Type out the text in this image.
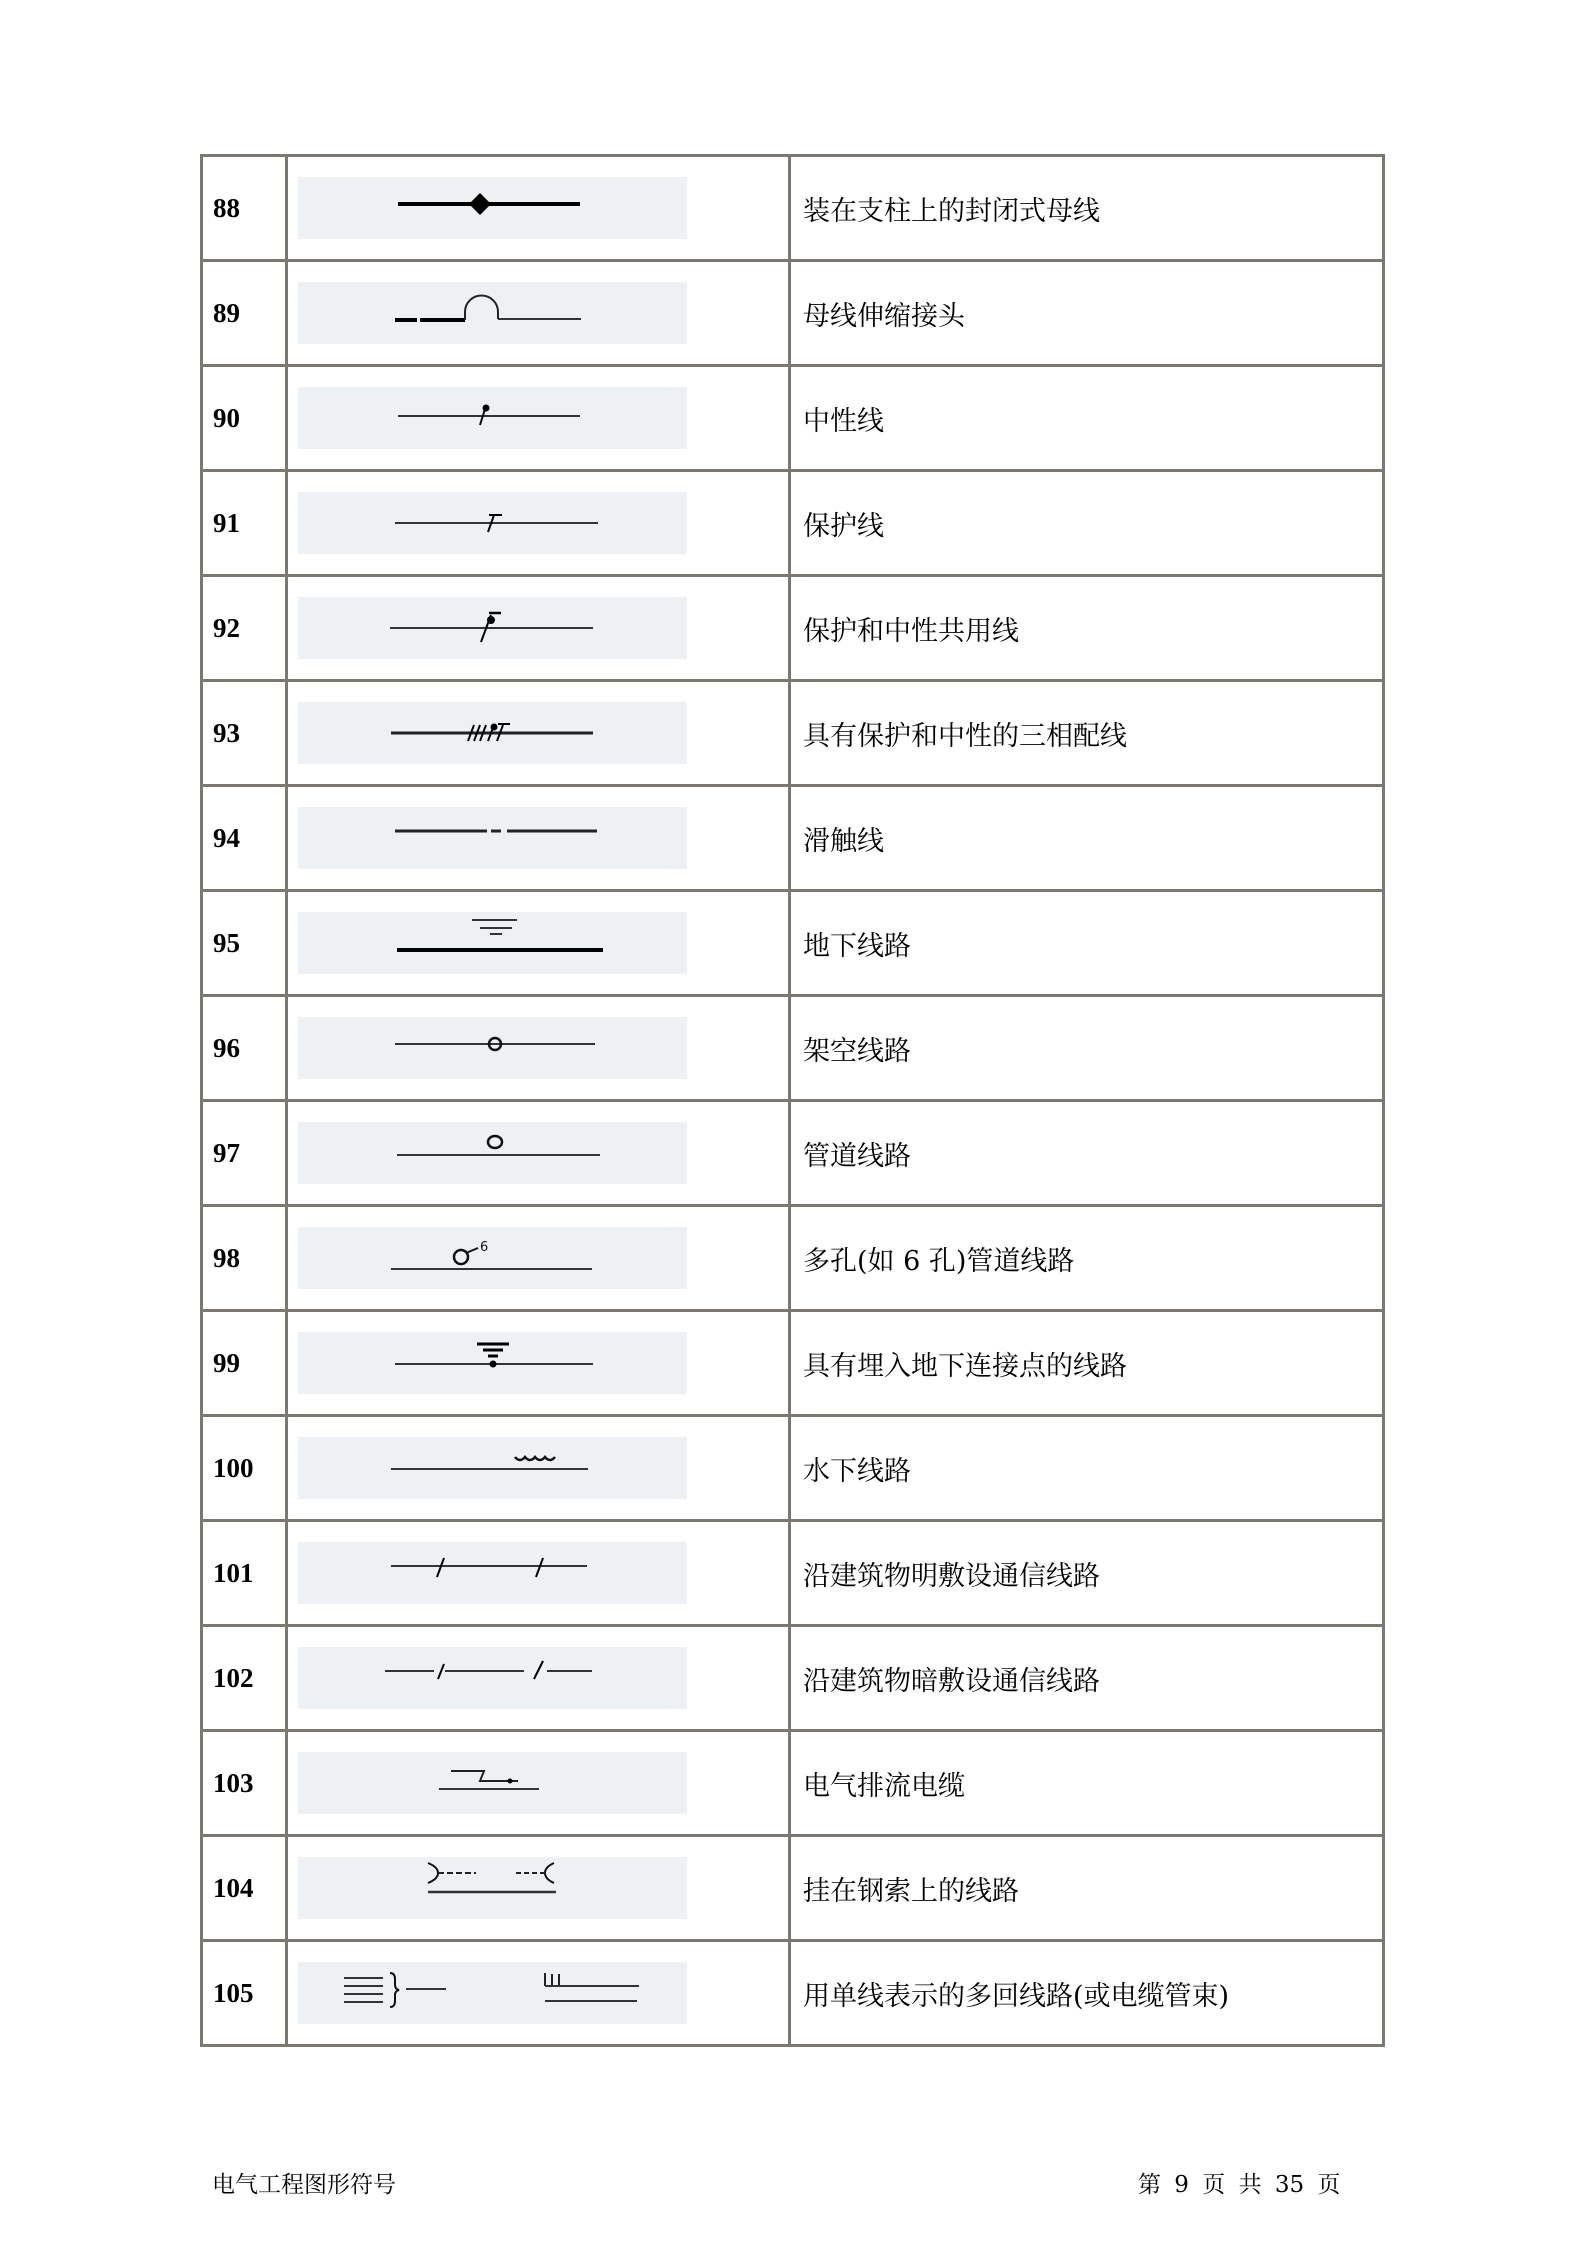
88		装在支柱上的封闭式母线
89		母线伸缩接头
90		中性线
91		保护线
92		保护和中性共用线
93		具有保护和中性的三相配线
94		滑触线
95		地下线路
96		架空线路
97		管道线路
98	6	多孔(如 6 孔)管道线路
99		具有埋入地下连接点的线路
100		水下线路
101		沿建筑物明敷设通信线路
102		沿建筑物暗敷设通信线路
103		电气排流电缆
104		挂在钢索上的线路
105		用单线表示的多回线路(或电缆管束)
电气工程图形符号	第 9 页 共 35 页
